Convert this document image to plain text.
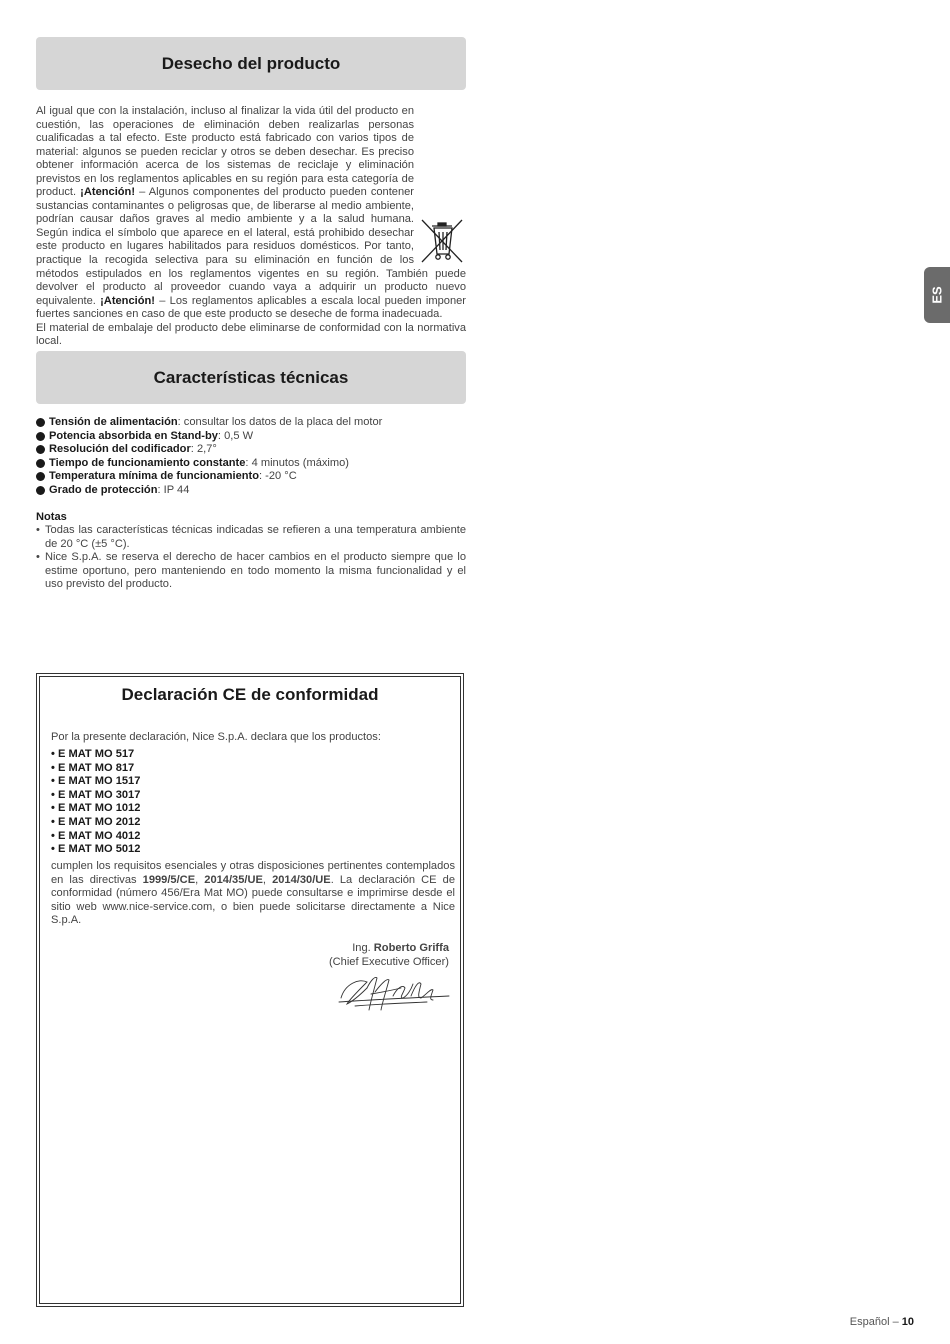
Desecho del producto

Al igual que con la instalación, incluso al finalizar la vida útil del producto en cuestión, las operaciones de eliminación deben realizarlas personas cualificadas a tal efecto. Este producto está fabricado con varios tipos de material: algunos se pueden reciclar y otros se deben desechar. Es preciso obtener información acerca de los sistemas de reciclaje y eliminación previstos en los reglamentos aplicables en su región para esta categoría de product. ¡Atención! – Algunos componentes del producto pueden contener sustancias contaminantes o peligrosas que, de liberarse al medio ambiente, podrían causar daños graves al medio ambiente y a la salud humana. Según indica el símbolo que aparece en el lateral, está prohibido desechar este producto en lugares habilitados para residuos domésticos. Por tanto, practique la recogida selectiva para su eliminación en función de los métodos estipulados en los reglamentos vigentes en su región. También puede devolver el producto al proveedor cuando vaya a adquirir un producto nuevo equivalente. ¡Atención! – Los reglamentos aplicables a escala local pueden imponer fuertes sanciones en caso de que este producto se deseche de forma inadecuada.

El material de embalaje del producto debe eliminarse de conformidad con la normativa local.

Características técnicas
Tensión de alimentación: consultar los datos de la placa del motor
Potencia absorbida en Stand-by: 0,5 W
Resolución del codificador: 2,7°
Tiempo de funcionamiento constante: 4 minutos (máximo)
Temperatura mínima de funcionamiento: -20 °C
Grado de protección: IP 44
Notas
• Todas las características técnicas indicadas se refieren a una temperatura ambiente de 20 °C (±5 °C).
• Nice S.p.A. se reserva el derecho de hacer cambios en el producto siempre que lo estime oportuno, pero manteniendo en todo momento la misma funcionalidad y el uso previsto del producto.
Declaración CE de conformidad
Por la presente declaración, Nice S.p.A. declara que los productos:
• E MAT MO 517
• E MAT MO 817
• E MAT MO 1517
• E MAT MO 3017
• E MAT MO 1012
• E MAT MO 2012
• E MAT MO 4012
• E MAT MO 5012
cumplen los requisitos esenciales y otras disposiciones pertinentes contemplados en las directivas 1999/5/CE, 2014/35/UE, 2014/30/UE. La declaración CE de conformidad (número 456/Era Mat MO) puede consultarse e imprimirse desde el sitio web www.nice-service.com, o bien puede solicitarse directamente a Nice S.p.A.
Ing. Roberto Griffa
(Chief Executive Officer)
ES
Español – 10
